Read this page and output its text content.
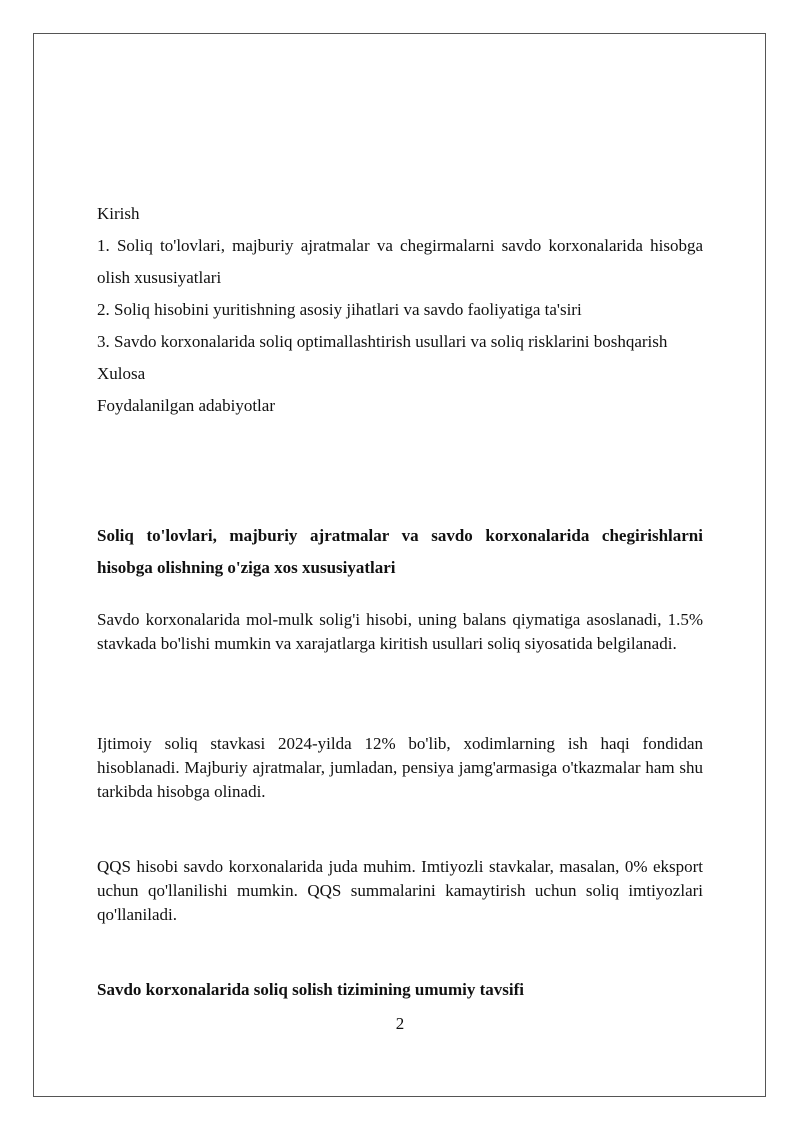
Kirish

1. Soliq to'lovlari, majburiy ajratmalar va chegirmalarni savdo korxonalarida hisobga olish xususiyatlari

2. Soliq hisobini yuritishning asosiy jihatlari va savdo faoliyatiga ta'siri

3. Savdo korxonalarida soliq optimallashtirish usullari va soliq risklarini boshqarish

Xulosa

Foydalanilgan adabiyotlar

Soliq to'lovlari, majburiy ajratmalar va savdo korxonalarida chegirishlarni hisobga olishning o'ziga xos xususiyatlari

Savdo korxonalarida mol-mulk solig'i hisobi, uning balans qiymatiga asoslanadi, 1.5% stavkada bo'lishi mumkin va xarajatlarga kiritish usullari soliq siyosatida belgilanadi.

Ijtimoiy soliq stavkasi 2024-yilda 12% bo'lib, xodimlarning ish haqi fondidan hisoblanadi. Majburiy ajratmalar, jumladan, pensiya jamg'armasiga o'tkazmalar ham shu tarkibda hisobga olinadi.

QQS hisobi savdo korxonalarida juda muhim. Imtiyozli stavkalar, masalan, 0% eksport uchun qo'llanilishi mumkin. QQS summalarini kamaytirish uchun soliq imtiyozlari qo'llaniladi.

Savdo korxonalarida soliq solish tizimining umumiy tavsifi
2
